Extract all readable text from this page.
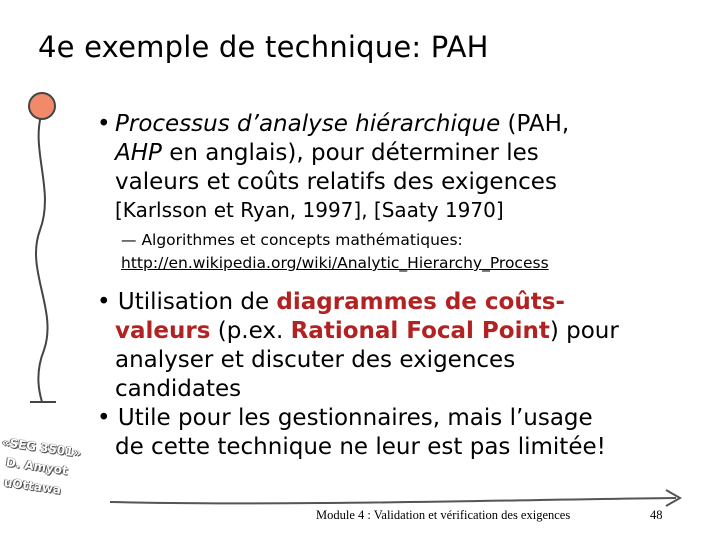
4e exemple de technique: PAH
• Processus d’analyse hiérarchique (PAH,
AHP en anglais), pour déterminer les
valeurs et coûts relatifs des exigences
[Karlsson et Ryan, 1997], [Saaty 1970]
— Algorithmes et concepts mathématiques:
http://en.wikipedia.org/wiki/Analytic_Hierarchy_Process
• Utilisation de diagrammes de coûts-
valeurs (p.ex. Rational Focal Point) pour
analyser et discuter des exigences
candidates
• Utile pour les gestionnaires, mais l’usage
de cette technique ne leur est pas limitée!
«SEG 3501»
D. Amyot
uOttawa
Module 4 : Validation et vérification des exigences	48
